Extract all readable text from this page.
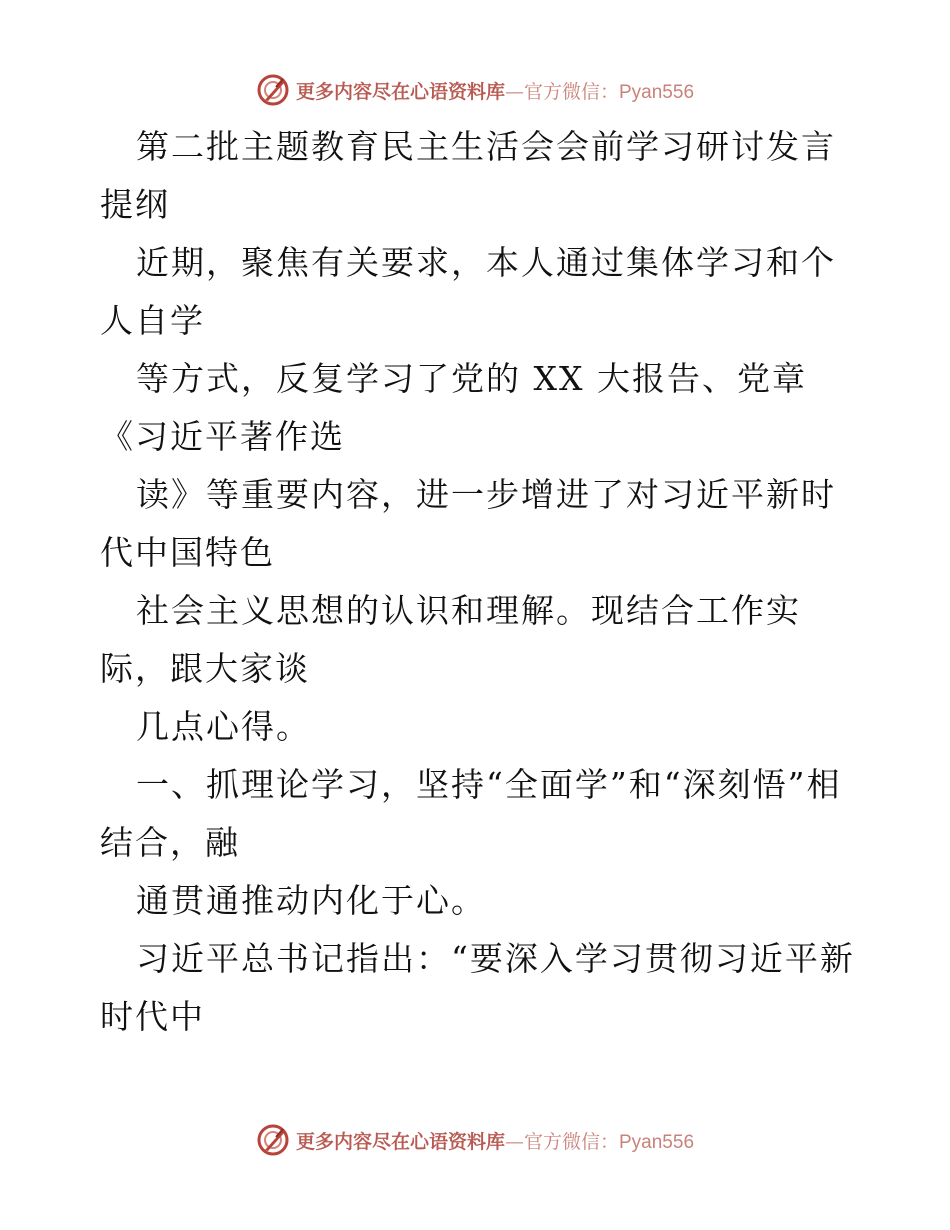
更多内容尽在心语资料库—官方微信：Pyan556

第二批主题教育民主生活会会前学习研讨发言提纲

近期，聚焦有关要求，本人通过集体学习和个人自学

等方式，反复学习了党的 XX 大报告、党章《习近平著作选

读》等重要内容，进一步增进了对习近平新时代中国特色

社会主义思想的认识和理解。现结合工作实际，跟大家谈

几点心得。

一、抓理论学习，坚持“全面学”和“深刻悟”相结合，融

通贯通推动内化于心。

习近平总书记指出：“要深入学习贯彻习近平新时代中

更多内容尽在心语资料库—官方微信：Pyan556
